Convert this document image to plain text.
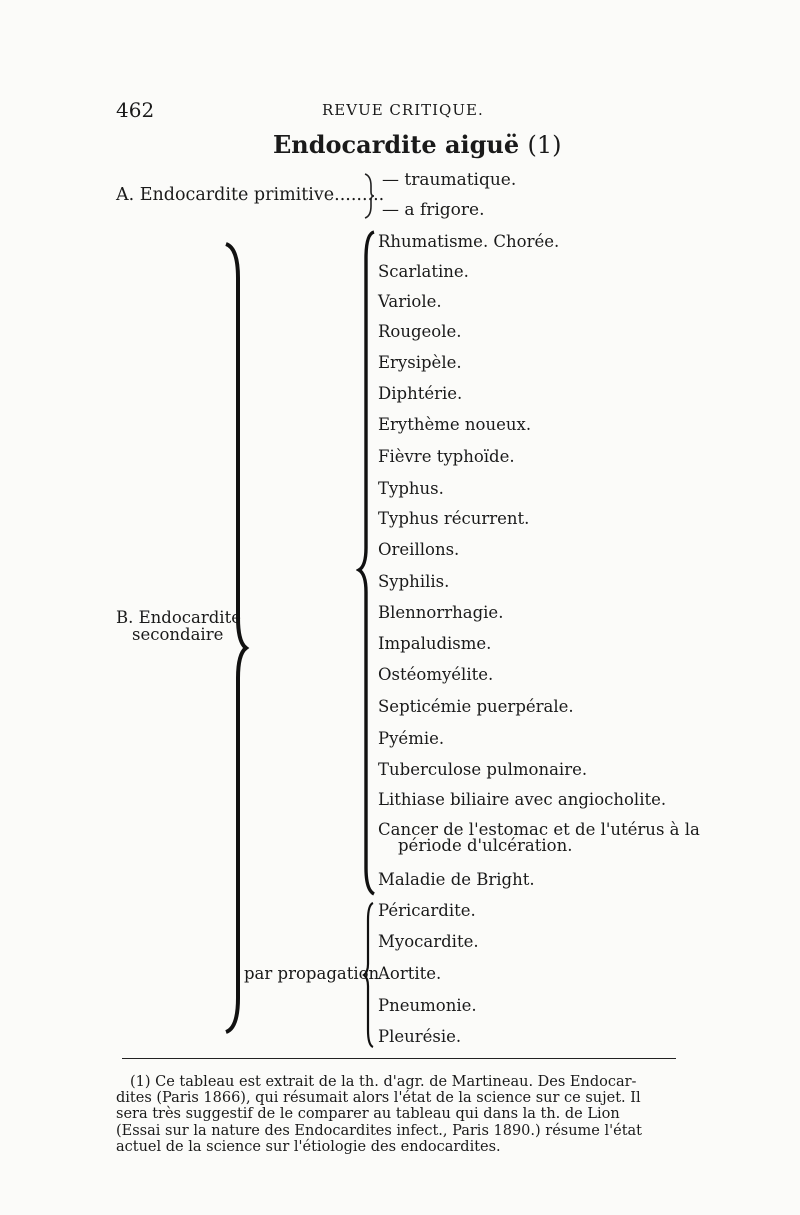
462	REVUE CRITIQUE.
Endocardite aiguë (1)
A. Endocardite primitive.........
— traumatique.
— a frigore.
B. Endocardite
secondaire
Rhumatisme. Chorée.
Scarlatine.
Variole.
Rougeole.
Erysipèle.
Diphtérie.
Erythème noueux.
Fièvre typhoïde.
Typhus.
Typhus récurrent.
Oreillons.
Syphilis.
Blennorrhagie.
Impaludisme.
Ostéomyélite.
Septicémie puerpérale.
Pyémie.
Tuberculose pulmonaire.
Lithiase biliaire avec angiocholite.
Cancer de l'estomac et de l'utérus à la
période d'ulcération.
Maladie de Bright.
par propagation
Péricardite.
Myocardite.
Aortite.
Pneumonie.
Pleurésie.
(1) Ce tableau est extrait de la th. d'agr. de Martineau. Des Endocar-
dites (Paris 1866), qui résumait alors l'état de la science sur ce sujet. Il
sera très suggestif de le comparer au tableau qui dans la th. de Lion
(Essai sur la nature des Endocardites infect., Paris 1890.) résume l'état
actuel de la science sur l'étiologie des endocardites.
